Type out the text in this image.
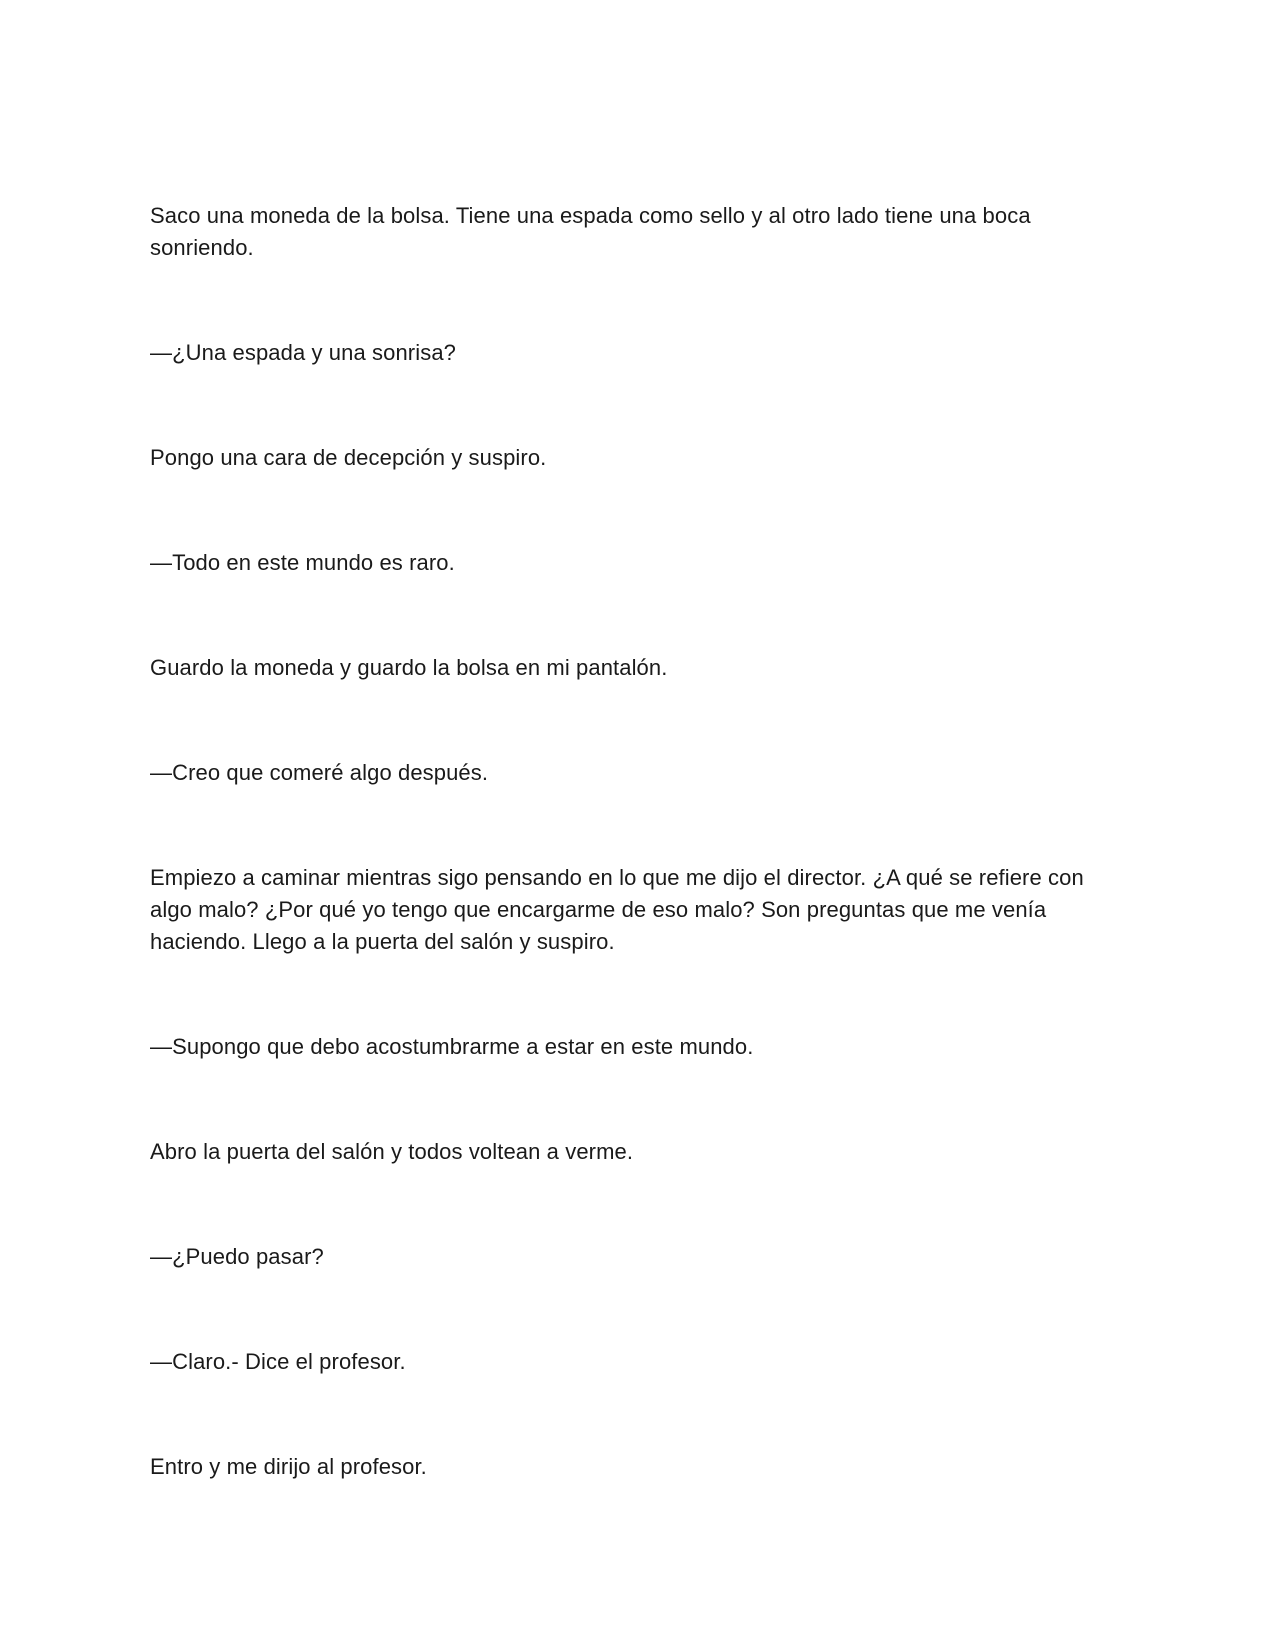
Saco una moneda de la bolsa. Tiene una espada como sello y al otro lado tiene una boca sonriendo.

—¿Una espada y una sonrisa?

Pongo una cara de decepción y suspiro.

—Todo en este mundo es raro.

Guardo la moneda y guardo la bolsa en mi pantalón.

—Creo que comeré algo después.

Empiezo a caminar mientras sigo pensando en lo que me dijo el director. ¿A qué se refiere con algo malo? ¿Por qué yo tengo que encargarme de eso malo? Son preguntas que me venía haciendo. Llego a la puerta del salón y suspiro.

—Supongo que debo acostumbrarme a estar en este mundo.

Abro la puerta del salón y todos voltean a verme.

—¿Puedo pasar?

—Claro.- Dice el profesor.

Entro y me dirijo al profesor.
